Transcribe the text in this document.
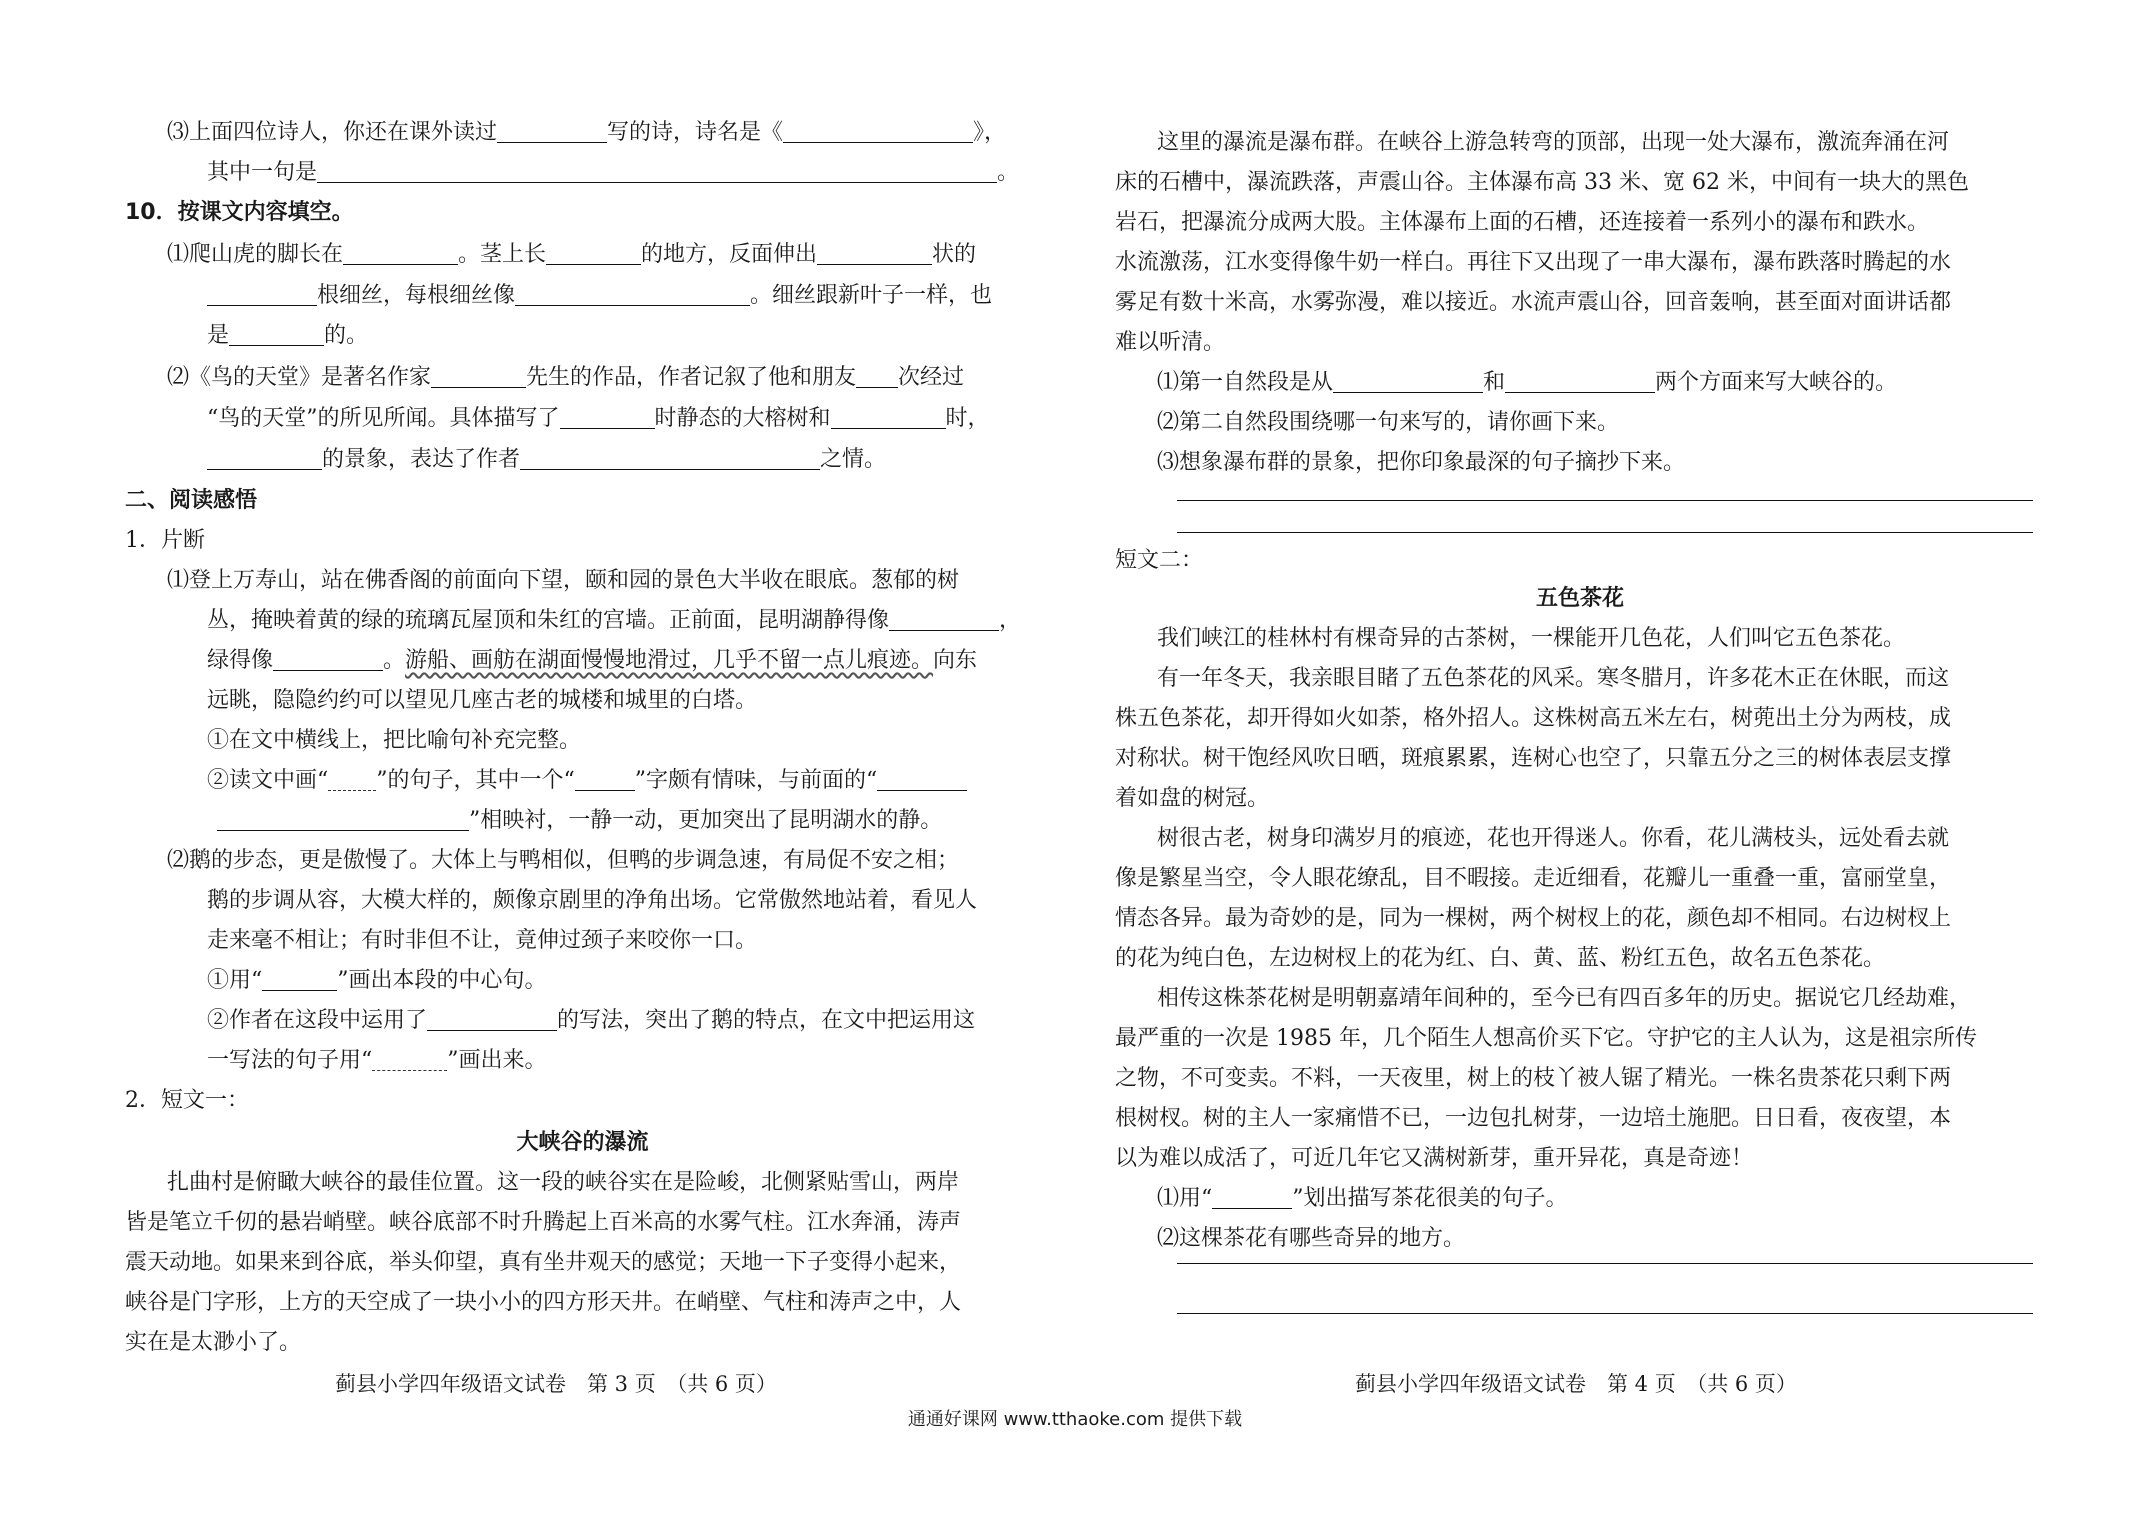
⑶上面四位诗人，你还在课外读过	写的诗，诗名是《	》，
其中一句是	。
10．按课文内容填空。
⑴爬山虎的脚长在	。茎上长	的地方，反面伸出	状的
根细丝，每根细丝像	。细丝跟新叶子一样，也
是	的。
⑵《鸟的天堂》是著名作家	先生的作品，作者记叙了他和朋友 次经过
“鸟的天堂”的所见所闻。具体描写了	时静态的大榕树和	时，
的景象，表达了作者	之情。
二、阅读感悟
1．片断
⑴登上万寿山，站在佛香阁的前面向下望，颐和园的景色大半收在眼底。葱郁的树
丛，掩映着黄的绿的琉璃瓦屋顶和朱红的宫墙。正前面，昆明湖静得像	，
绿得像	。游船、画舫在湖面慢慢地滑过，几乎不留一点儿痕迹。向东
远眺，隐隐约约可以望见几座古老的城楼和城里的白塔。
①在文中横线上，把比喻句补充完整。
②读文中画“ ”的句子，其中一个“	”字颇有情味，与前面的“
”相映衬，一静一动，更加突出了昆明湖水的静。
⑵鹅的步态，更是傲慢了。大体上与鸭相似，但鸭的步调急速，有局促不安之相；
鹅的步调从容，大模大样的，颇像京剧里的净角出场。它常傲然地站着，看见人
走来毫不相让；有时非但不让，竟伸过颈子来咬你一口。
①用“	”画出本段的中心句。
②作者在这段中运用了	的写法，突出了鹅的特点，在文中把运用这
一写法的句子用“	”画出来。
2．短文一：
大峡谷的瀑流
扎曲村是俯瞰大峡谷的最佳位置。这一段的峡谷实在是险峻，北侧紧贴雪山，两岸
皆是笔立千仞的悬岩峭壁。峡谷底部不时升腾起上百米高的水雾气柱。江水奔涌，涛声
震天动地。如果来到谷底，举头仰望，真有坐井观天的感觉；天地一下子变得小起来，
峡谷是门字形，上方的天空成了一块小小的四方形天井。在峭壁、气柱和涛声之中，人
实在是太渺小了。
蓟县小学四年级语文试卷　第 3 页　（共 6 页）
这里的瀑流是瀑布群。在峡谷上游急转弯的顶部，出现一处大瀑布，激流奔涌在河
床的石槽中，瀑流跌落，声震山谷。主体瀑布高 33 米、宽 62 米，中间有一块大的黑色
岩石，把瀑流分成两大股。主体瀑布上面的石槽，还连接着一系列小的瀑布和跌水。
水流激荡，江水变得像牛奶一样白。再往下又出现了一串大瀑布，瀑布跌落时腾起的水
雾足有数十米高，水雾弥漫，难以接近。水流声震山谷，回音轰响，甚至面对面讲话都
难以听清。
⑴第一自然段是从	和	两个方面来写大峡谷的。
⑵第二自然段围绕哪一句来写的，请你画下来。
⑶想象瀑布群的景象，把你印象最深的句子摘抄下来。
短文二：
五色茶花
我们峡江的桂林村有棵奇异的古茶树，一棵能开几色花，人们叫它五色茶花。
有一年冬天，我亲眼目睹了五色茶花的风采。寒冬腊月，许多花木正在休眠，而这
株五色茶花，却开得如火如荼，格外招人。这株树高五米左右，树蔸出土分为两枝，成
对称状。树干饱经风吹日晒，斑痕累累，连树心也空了，只靠五分之三的树体表层支撑
着如盘的树冠。
树很古老，树身印满岁月的痕迹，花也开得迷人。你看，花儿满枝头，远处看去就
像是繁星当空，令人眼花缭乱，目不暇接。走近细看，花瓣儿一重叠一重，富丽堂皇，
情态各异。最为奇妙的是，同为一棵树，两个树杈上的花，颜色却不相同。右边树杈上
的花为纯白色，左边树杈上的花为红、白、黄、蓝、粉红五色，故名五色茶花。
相传这株茶花树是明朝嘉靖年间种的，至今已有四百多年的历史。据说它几经劫难，
最严重的一次是 1985 年，几个陌生人想高价买下它。守护它的主人认为，这是祖宗所传
之物，不可变卖。不料，一天夜里，树上的枝丫被人锯了精光。一株名贵茶花只剩下两
根树杈。树的主人一家痛惜不已，一边包扎树芽，一边培土施肥。日日看，夜夜望，本
以为难以成活了，可近几年它又满树新芽，重开异花，真是奇迹！
⑴用“	”划出描写茶花很美的句子。
⑵这棵茶花有哪些奇异的地方。
蓟县小学四年级语文试卷　第 4 页　（共 6 页）
通通好课网 www.tthaoke.com 提供下载
